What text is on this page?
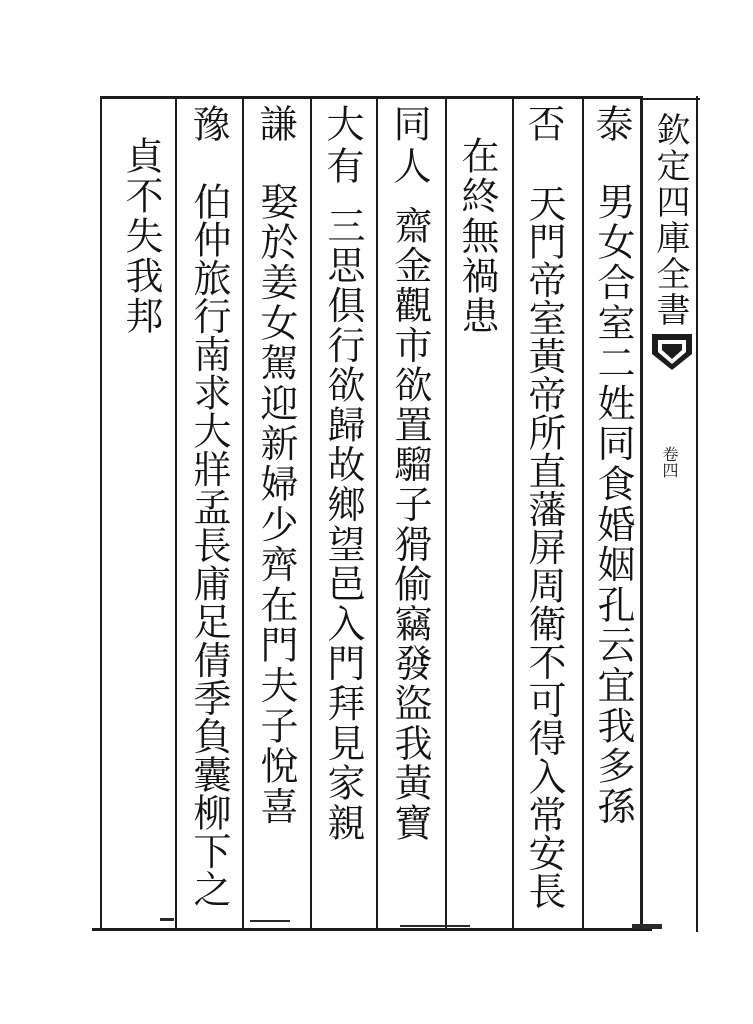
欽定四庫全書
卷四
泰
男女合室二姓同食婚姻孔云宜我多孫
否
天門帝室黃帝所直藩屏周衛不可得入常安長
在終無禍患
同人
齋金觀市欲置騮子猾偷竊發盜我黃寶
大有
三思俱行欲歸故鄉望邑入門拜見家親
謙
娶於姜女駕迎新婦少齊在門夫子悅喜
豫
伯仲旅行南求大牂孟長庯足倩季負囊柳下之
貞不失我邦
